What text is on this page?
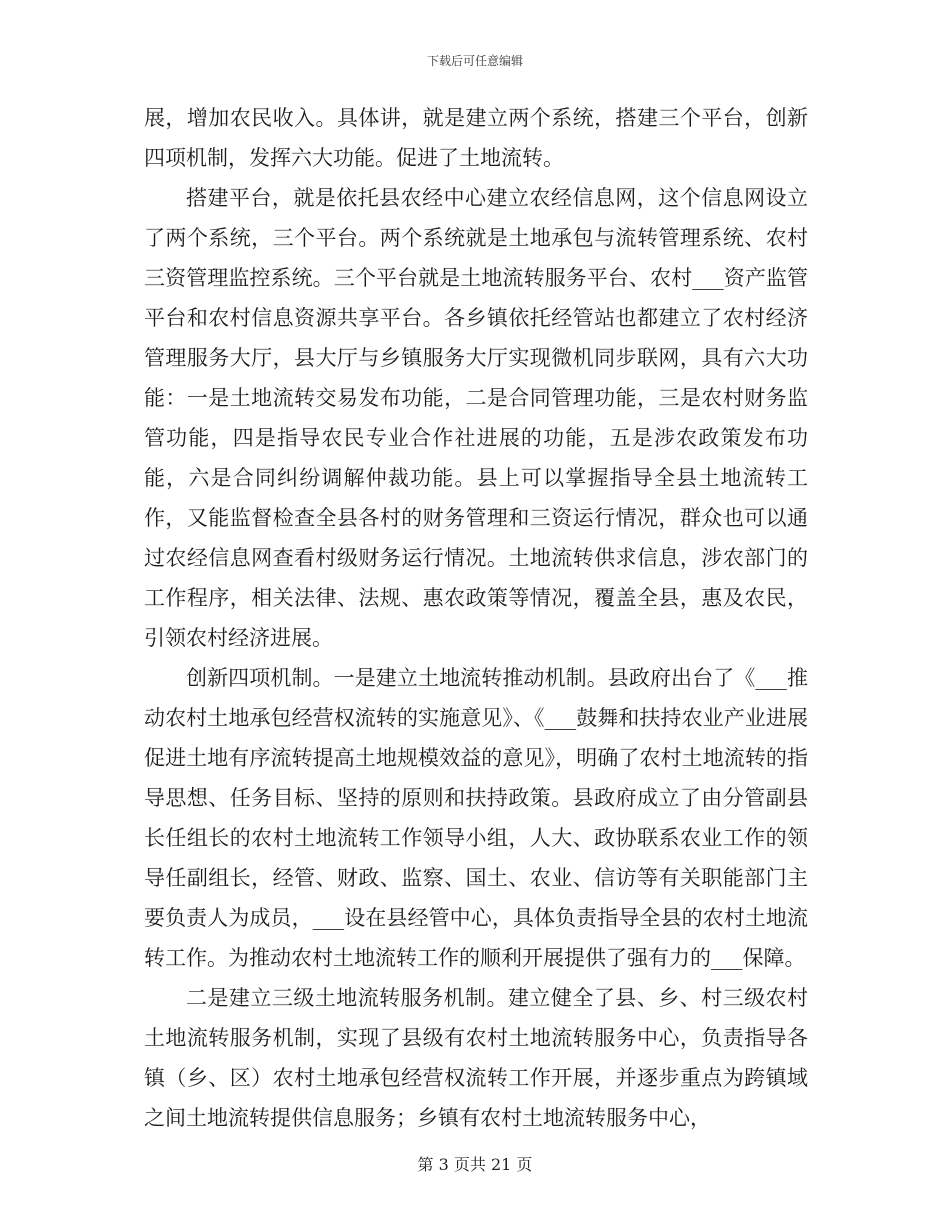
下载后可任意编辑

展，增加农民收入。具体讲，就是建立两个系统，搭建三个平台，创新四项机制，发挥六大功能。促进了土地流转。

搭建平台，就是依托县农经中心建立农经信息网，这个信息网设立了两个系统，三个平台。两个系统就是土地承包与流转管理系统、农村三资管理监控系统。三个平台就是土地流转服务平台、农村___资产监管平台和农村信息资源共享平台。各乡镇依托经管站也都建立了农村经济管理服务大厅，县大厅与乡镇服务大厅实现微机同步联网，具有六大功能：一是土地流转交易发布功能，二是合同管理功能，三是农村财务监管功能，四是指导农民专业合作社进展的功能，五是涉农政策发布功能，六是合同纠纷调解仲裁功能。县上可以掌握指导全县土地流转工作，又能监督检查全县各村的财务管理和三资运行情况，群众也可以通过农经信息网查看村级财务运行情况。土地流转供求信息，涉农部门的工作程序，相关法律、法规、惠农政策等情况，覆盖全县，惠及农民，引领农村经济进展。

创新四项机制。一是建立土地流转推动机制。县政府出台了《___推动农村土地承包经营权流转的实施意见》、《___鼓舞和扶持农业产业进展促进土地有序流转提高土地规模效益的意见》，明确了农村土地流转的指导思想、任务目标、坚持的原则和扶持政策。县政府成立了由分管副县长任组长的农村土地流转工作领导小组，人大、政协联系农业工作的领导任副组长，经管、财政、监察、国土、农业、信访等有关职能部门主要负责人为成员，___设在县经管中心，具体负责指导全县的农村土地流转工作。为推动农村土地流转工作的顺利开展提供了强有力的___保障。

二是建立三级土地流转服务机制。建立健全了县、乡、村三级农村土地流转服务机制，实现了县级有农村土地流转服务中心，负责指导各镇（乡、区）农村土地承包经营权流转工作开展，并逐步重点为跨镇域之间土地流转提供信息服务；乡镇有农村土地流转服务中心，

第 3 页共 21 页
